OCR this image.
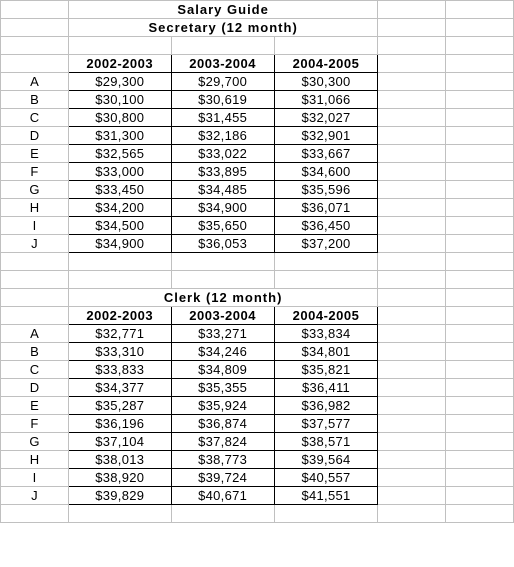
	Salary Guide				
	Secretary (12 month)				

	2002-2003	2003-2004	2004-2005		
A	$29,300	$29,700	$30,300		
B	$30,100	$30,619	$31,066		
C	$30,800	$31,455	$32,027		
D	$31,300	$32,186	$32,901		
E	$32,565	$33,022	$33,667		
F	$33,000	$33,895	$34,600		
G	$33,450	$34,485	$35,596		
H	$34,200	$34,900	$36,071		
I	$34,500	$35,650	$36,450		
J	$34,900	$36,053	$37,200		

	Clerk (12 month)				
	2002-2003	2003-2004	2004-2005		
A	$32,771	$33,271	$33,834		
B	$33,310	$34,246	$34,801		
C	$33,833	$34,809	$35,821		
D	$34,377	$35,355	$36,411		
E	$35,287	$35,924	$36,982		
F	$36,196	$36,874	$37,577		
G	$37,104	$37,824	$38,571		
H	$38,013	$38,773	$39,564		
I	$38,920	$39,724	$40,557		
J	$39,829	$40,671	$41,551		
